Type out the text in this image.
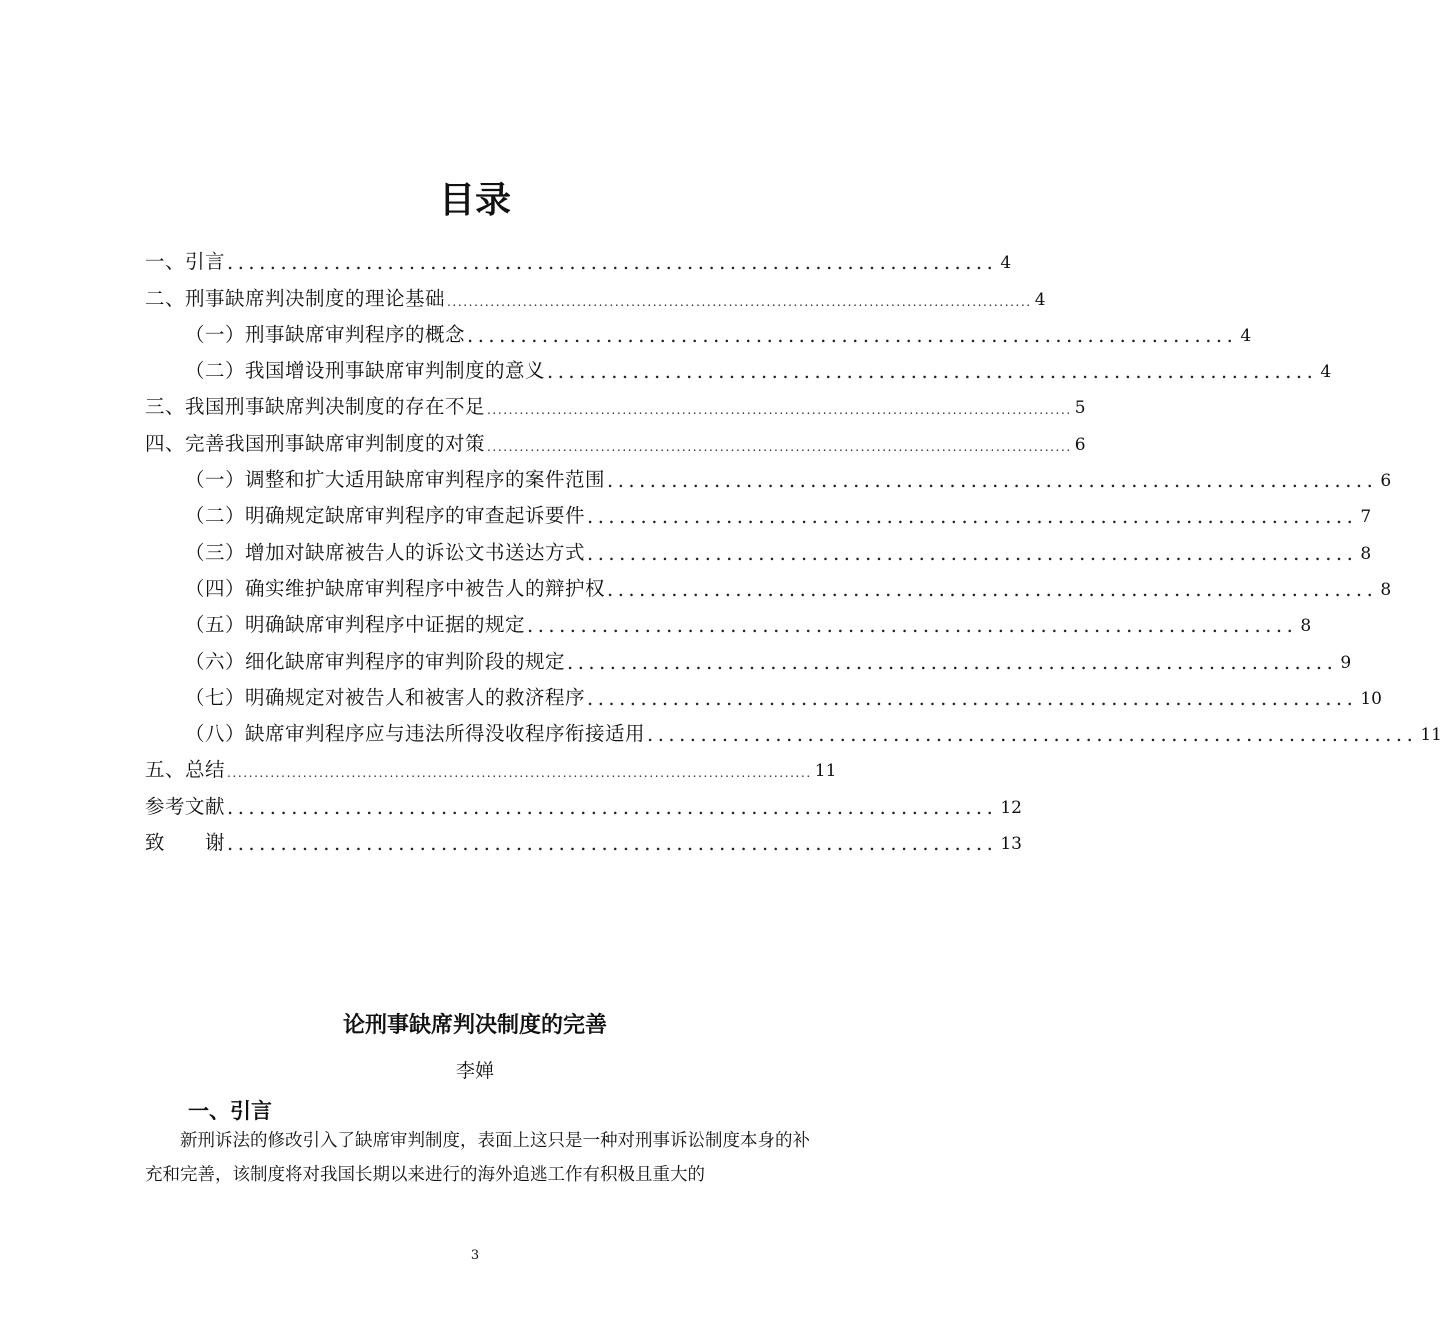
目录
一、引言 ........................................................................ 4
二、刑事缺席判决制度的理论基础 ............................................................................................................ 4
（一）刑事缺席审判程序的概念 ........................................................................ 4
（二）我国增设刑事缺席审判制度的意义 ........................................................................ 4
三、我国刑事缺席判决制度的存在不足 ............................................................................................................ 5
四、完善我国刑事缺席审判制度的对策 ............................................................................................................ 6
（一）调整和扩大适用缺席审判程序的案件范围 ........................................................................ 6
（二）明确规定缺席审判程序的审查起诉要件 ........................................................................ 7
（三）增加对缺席被告人的诉讼文书送达方式 ........................................................................ 8
（四）确实维护缺席审判程序中被告人的辩护权 ........................................................................ 8
（五）明确缺席审判程序中证据的规定 ........................................................................ 8
（六）细化缺席审判程序的审判阶段的规定 ........................................................................ 9
（七）明确规定对被告人和被害人的救济程序 ........................................................................ 10
（八）缺席审判程序应与违法所得没收程序衔接适用 ........................................................................ 11
五、总结 ............................................................................................................ 11
参考文献 ........................................................................ 12
致　　谢 ........................................................................ 13
论刑事缺席判决制度的完善

李婵

一、引言

新刑诉法的修改引入了缺席审判制度，表面上这只是一种对刑事诉讼制度本身的补充和完善，该制度将对我国长期以来进行的海外追逃工作有积极且重大的

3
